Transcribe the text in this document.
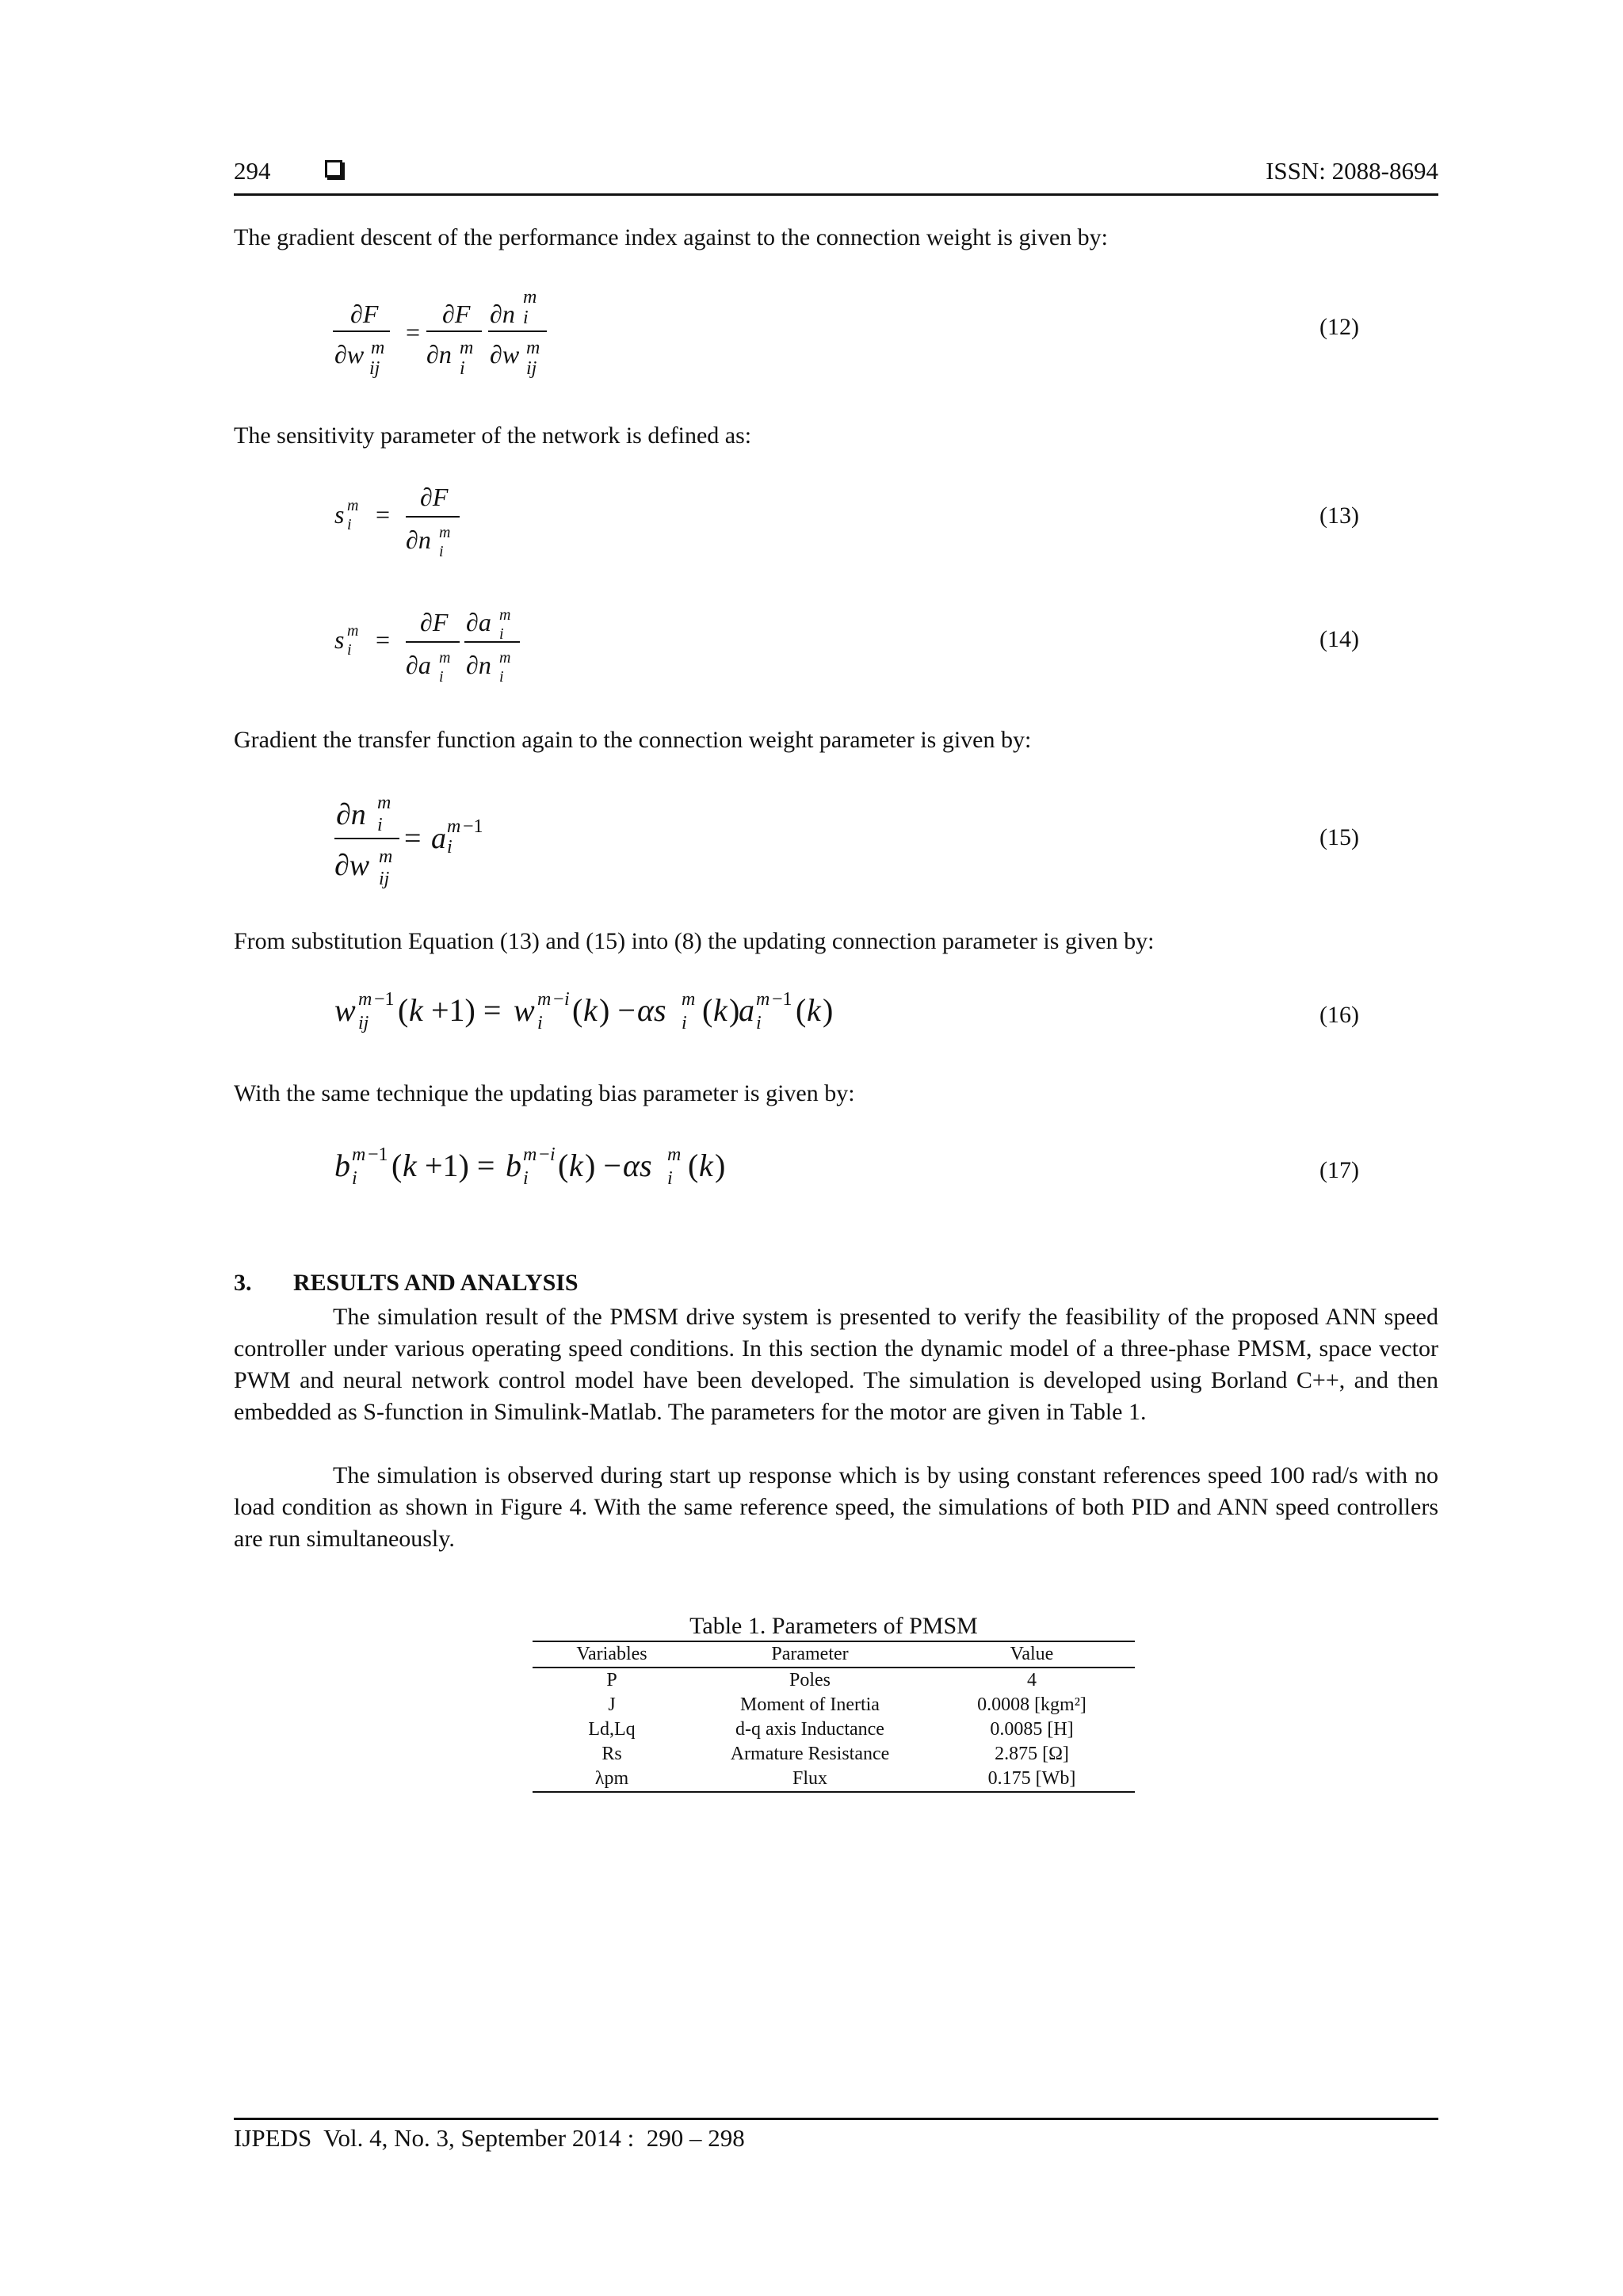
294	ISSN: 2088-8694
The gradient descent of the performance index against to the connection weight is given by:
∂F
∂w m
ij
=
∂F
∂n m
i
∂n
m
i
∂w m
ij
(12)
The sensitivity parameter of the network is defined as:
s m
i =
∂F
∂n m
i
(13)
s m
i =
∂F
∂a m
i
∂a m
i
∂n m
i
(14)
Gradient the transfer function again to the connection weight parameter is given by:
∂n m
i
∂w m
ij
= a m −1
i	(15)
From substitution Equation (13) and (15) into (8) the updating connection parameter is given by:
w m −1
ij ( k +1) = w m − i
i ( k ) − αs m
i ( k )
a m −1
i ( k )	(16)
With the same technique the updating bias parameter is given by:
b m −1
i ( k +1) = b m − i
i ( k ) − αs m
i ( k )	(17)
3. RESULTS AND ANALYSIS
The simulation result of the PMSM drive system is presented to verify the feasibility of the proposed ANN speed controller under various operating speed conditions. In this section the dynamic model of a three-phase PMSM, space vector PWM and neural network control model have been developed. The simulation is developed using Borland C++, and then embedded as S-function in Simulink-Matlab. The parameters for the motor are given in Table 1.
The simulation is observed during start up response which is by using constant references speed 100 rad/s with no load condition as shown in Figure 4. With the same reference speed, the simulations of both PID and ANN speed controllers are run simultaneously.
Table 1. Parameters of PMSM
Variables	Parameter	Value
P	Poles	4
J	Moment of Inertia	0.0008 [kgm²]
Ld,Lq	d-q axis Inductance	0.0085 [H]
Rs	Armature Resistance	2.875 [Ω]
λpm	Flux	0.175 [Wb]
IJPEDS  Vol. 4, No. 3, September 2014 :  290 – 298
